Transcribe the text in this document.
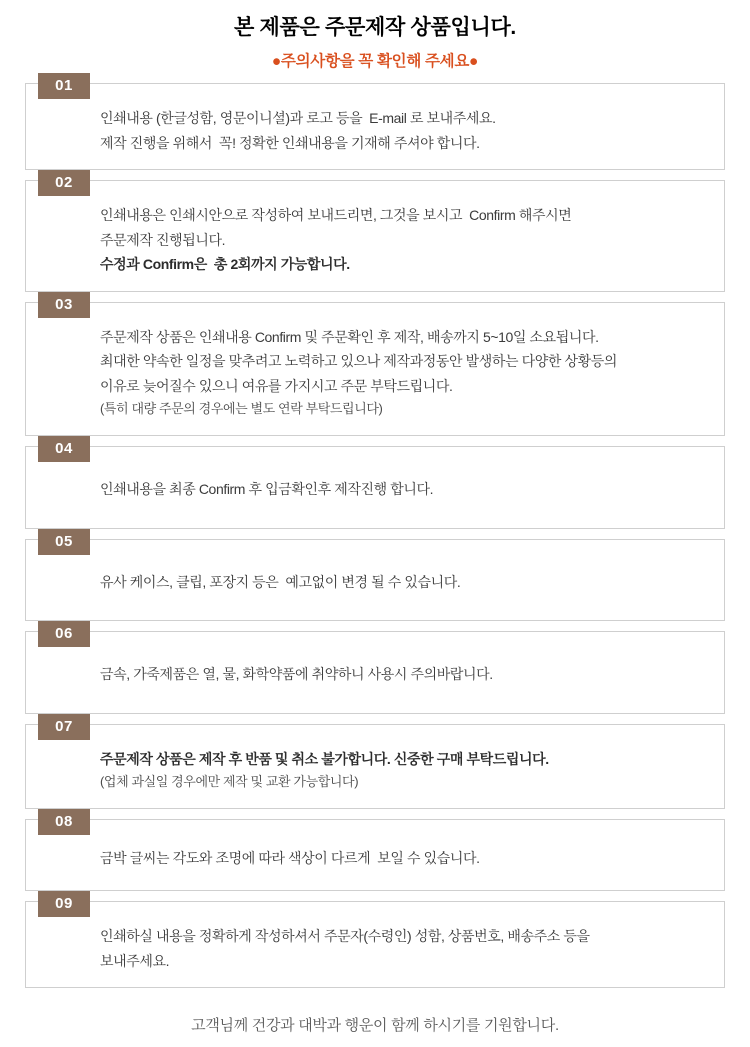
본 제품은 주문제작 상품입니다.
●주의사항을 꼭 확인해 주세요●
01
인쇄내용 (한글성함, 영문이니셜)과 로고 등을  E-mail 로 보내주세요.
제작 진행을 위해서  꼭! 정확한 인쇄내용을 기재해 주셔야 합니다.
02
인쇄내용은 인쇄시안으로 작성하여 보내드리면, 그것을 보시고  Confirm 해주시면
주문제작 진행됩니다.
수정과 Confirm은  총 2회까지 가능합니다.
03
주문제작 상품은 인쇄내용 Confirm 및 주문확인 후 제작, 배송까지 5~10일 소요됩니다.
최대한 약속한 일정을 맞추려고 노력하고 있으나 제작과정동안 발생하는 다양한 상황등의
이유로 늦어질수 있으니 여유를 가지시고 주문 부탁드립니다.
(특히 대량 주문의 경우에는 별도 연락 부탁드립니다)
04
인쇄내용을 최종 Confirm 후 입금확인후 제작진행 합니다.
05
유사 케이스, 클립, 포장지 등은  예고없이 변경 될 수 있습니다.
06
금속, 가죽제품은 열, 물, 화학약품에 취약하니 사용시 주의바랍니다.
07
주문제작 상품은 제작 후 반품 및 취소 불가합니다. 신중한 구매 부탁드립니다.
(업체 과실일 경우에만 제작 및 교환 가능합니다)
08
금박 글씨는 각도와 조명에 따라 색상이 다르게  보일 수 있습니다.
09
인쇄하실 내용을 정확하게 작성하셔서 주문자(수령인) 성함, 상품번호, 배송주소 등을
보내주세요.
고객님께 건강과 대박과 행운이 함께 하시기를 기원합니다.
